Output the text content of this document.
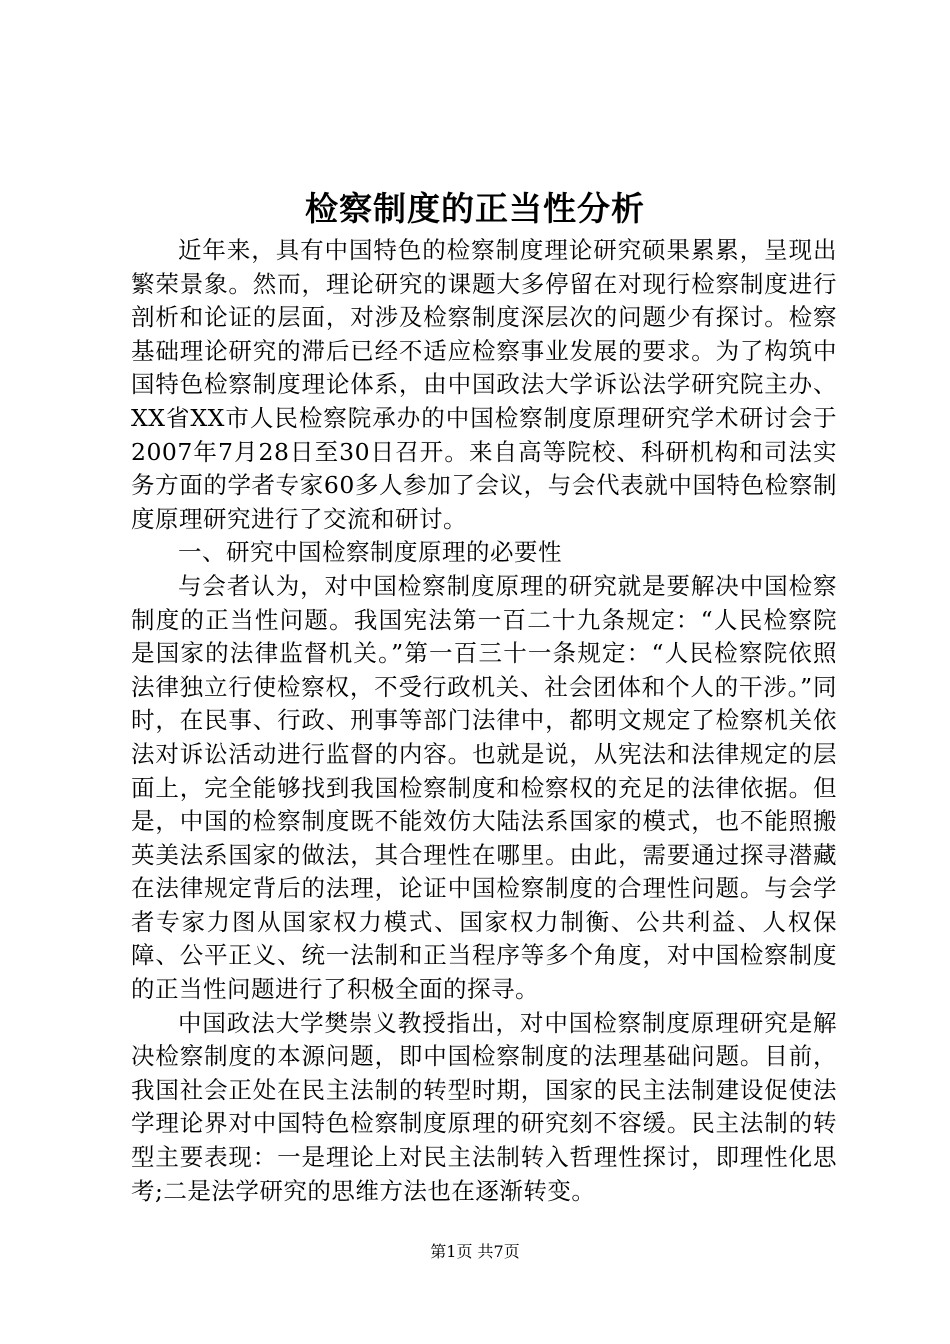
检察制度的正当性分析

近年来，具有中国特色的检察制度理论研究硕果累累，呈现出繁荣景象。然而，理论研究的课题大多停留在对现行检察制度进行剖析和论证的层面，对涉及检察制度深层次的问题少有探讨。检察基础理论研究的滞后已经不适应检察事业发展的要求。为了构筑中国特色检察制度理论体系，由中国政法大学诉讼法学研究院主办、XX省XX市人民检察院承办的中国检察制度原理研究学术研讨会于2007年7月28日至30日召开。来自高等院校、科研机构和司法实务方面的学者专家60多人参加了会议，与会代表就中国特色检察制度原理研究进行了交流和研讨。

一、研究中国检察制度原理的必要性

与会者认为，对中国检察制度原理的研究就是要解决中国检察制度的正当性问题。我国宪法第一百二十九条规定：“人民检察院是国家的法律监督机关。”第一百三十一条规定：“人民检察院依照法律独立行使检察权，不受行政机关、社会团体和个人的干涉。”同时，在民事、行政、刑事等部门法律中，都明文规定了检察机关依法对诉讼活动进行监督的内容。也就是说，从宪法和法律规定的层面上，完全能够找到我国检察制度和检察权的充足的法律依据。但是，中国的检察制度既不能效仿大陆法系国家的模式，也不能照搬英美法系国家的做法，其合理性在哪里。由此，需要通过探寻潜藏在法律规定背后的法理，论证中国检察制度的合理性问题。与会学者专家力图从国家权力模式、国家权力制衡、公共利益、人权保障、公平正义、统一法制和正当程序等多个角度，对中国检察制度的正当性问题进行了积极全面的探寻。

中国政法大学樊崇义教授指出，对中国检察制度原理研究是解决检察制度的本源问题，即中国检察制度的法理基础问题。目前，我国社会正处在民主法制的转型时期，国家的民主法制建设促使法学理论界对中国特色检察制度原理的研究刻不容缓。民主法制的转型主要表现：一是理论上对民主法制转入哲理性探讨，即理性化思考;二是法学研究的思维方法也在逐渐转变。

第1页 共7页
